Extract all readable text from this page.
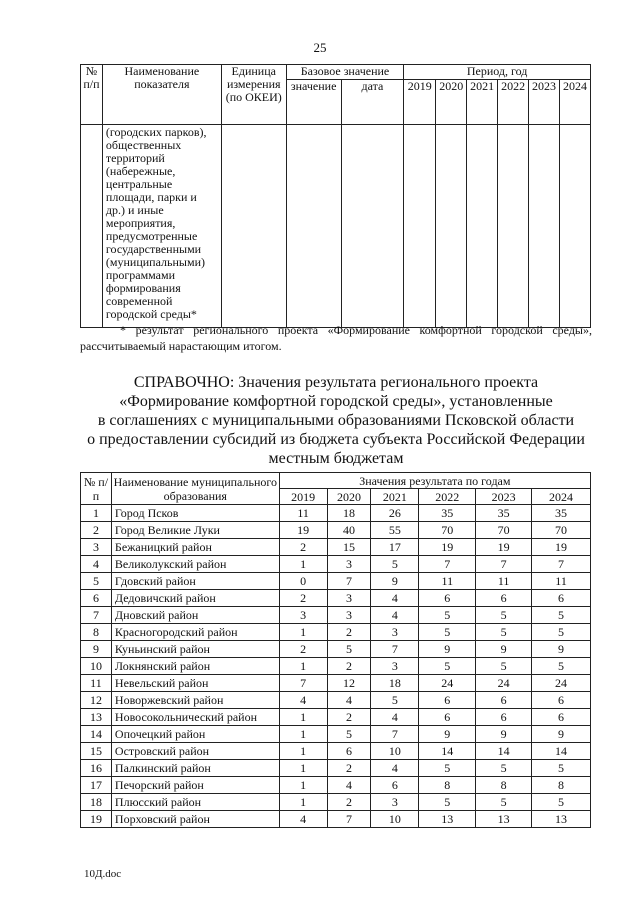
25
№ п/п	Наименование показателя	Единица измерения (по ОКЕИ)	Базовое значение		Период, год					
			значение	дата	2019	2020	2021	2022	2023	2024
	(городских парков), общественных территорий (набережные, центральные площади, парки и др.) и иные мероприятия, предусмотренные государственными (муниципальными) программами формирования современной городской среды*									
* результат регионального проекта «Формирование комфортной городской среды», рассчитываемый нарастающим итогом.
СПРАВОЧНО: Значения результата регионального проекта
«Формирование комфортной городской среды», установленные
в соглашениях с муниципальными образованиями Псковской области
о предоставлении субсидий из бюджета субъекта Российской Федерации
местным бюджетам
№ п/п	Наименование муниципального образования	Значения результата по годам					
		2019	2020	2021	2022	2023	2024
1	Город Псков	11	18	26	35	35	35
2	Город Великие Луки	19	40	55	70	70	70
3	Бежаницкий район	2	15	17	19	19	19
4	Великолукский район	1	3	5	7	7	7
5	Гдовский район	0	7	9	11	11	11
6	Дедовичский район	2	3	4	6	6	6
7	Дновский район	3	3	4	5	5	5
8	Красногородский район	1	2	3	5	5	5
9	Куньинский район	2	5	7	9	9	9
10	Локнянский район	1	2	3	5	5	5
11	Невельский район	7	12	18	24	24	24
12	Новоржевский район	4	4	5	6	6	6
13	Новосокольнический район	1	2	4	6	6	6
14	Опочецкий район	1	5	7	9	9	9
15	Островский район	1	6	10	14	14	14
16	Палкинский район	1	2	4	5	5	5
17	Печорский район	1	4	6	8	8	8
18	Плюсский район	1	2	3	5	5	5
19	Порховский район	4	7	10	13	13	13
10Д.doc
